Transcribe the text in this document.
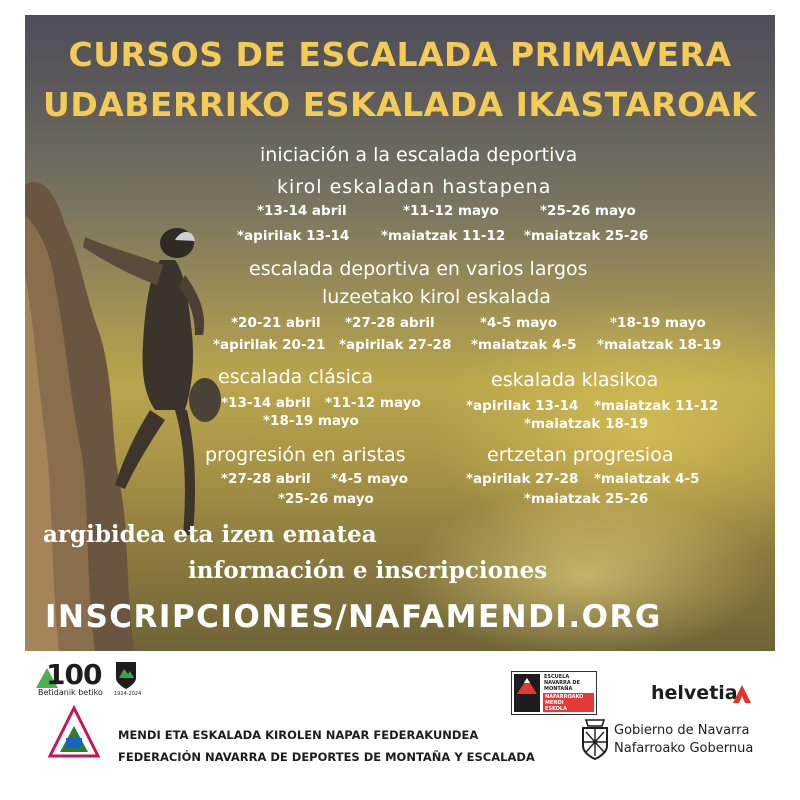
CURSOS DE ESCALADA PRIMAVERA
UDABERRIKO ESKALADA IKASTAROAK
iniciación a la escalada deportiva
kirol eskaladan hastapena
*13-14 abril	*11-12 mayo	*25-26 mayo
*apirilak 13-14 *maiatzak 11-12 *maiatzak 25-26
escalada deportiva en varios largos
luzeetako kirol eskalada
*20-21 abril *27-28 abril	*4-5 mayo	*18-19 mayo
*apirilak 20-21 *apirilak 27-28 *maiatzak 4-5 *maiatzak 18-19
escalada clásica	eskalada klasikoa
*13-14 abril *11-12 mayo
*18-19 mayo
*apirilak 13-14 *maiatzak 11-12
*maiatzak 18-19
progresión en aristas	ertzetan progresioa
*27-28 abril *4-5 mayo
*25-26 mayo
*apirilak 27-28 *maiatzak 4-5
*maiatzak 25-26
argibidea eta izen ematea
información e inscripciones
INSCRIPCIONES/NAFAMENDI.ORG
100
Betidanik betiko 1924-2024
MENDI ETA ESKALADA KIROLEN NAPAR FEDERAKUNDEA
FEDERACIÓN NAVARRA DE DEPORTES DE MONTAÑA Y ESCALADA
ESCUELA
NAVARRA DE
MONTAÑA
NAFARROAKO
MENDI
ESKOLA
helvetia
Gobierno de Navarra
Nafarroako Gobernua
